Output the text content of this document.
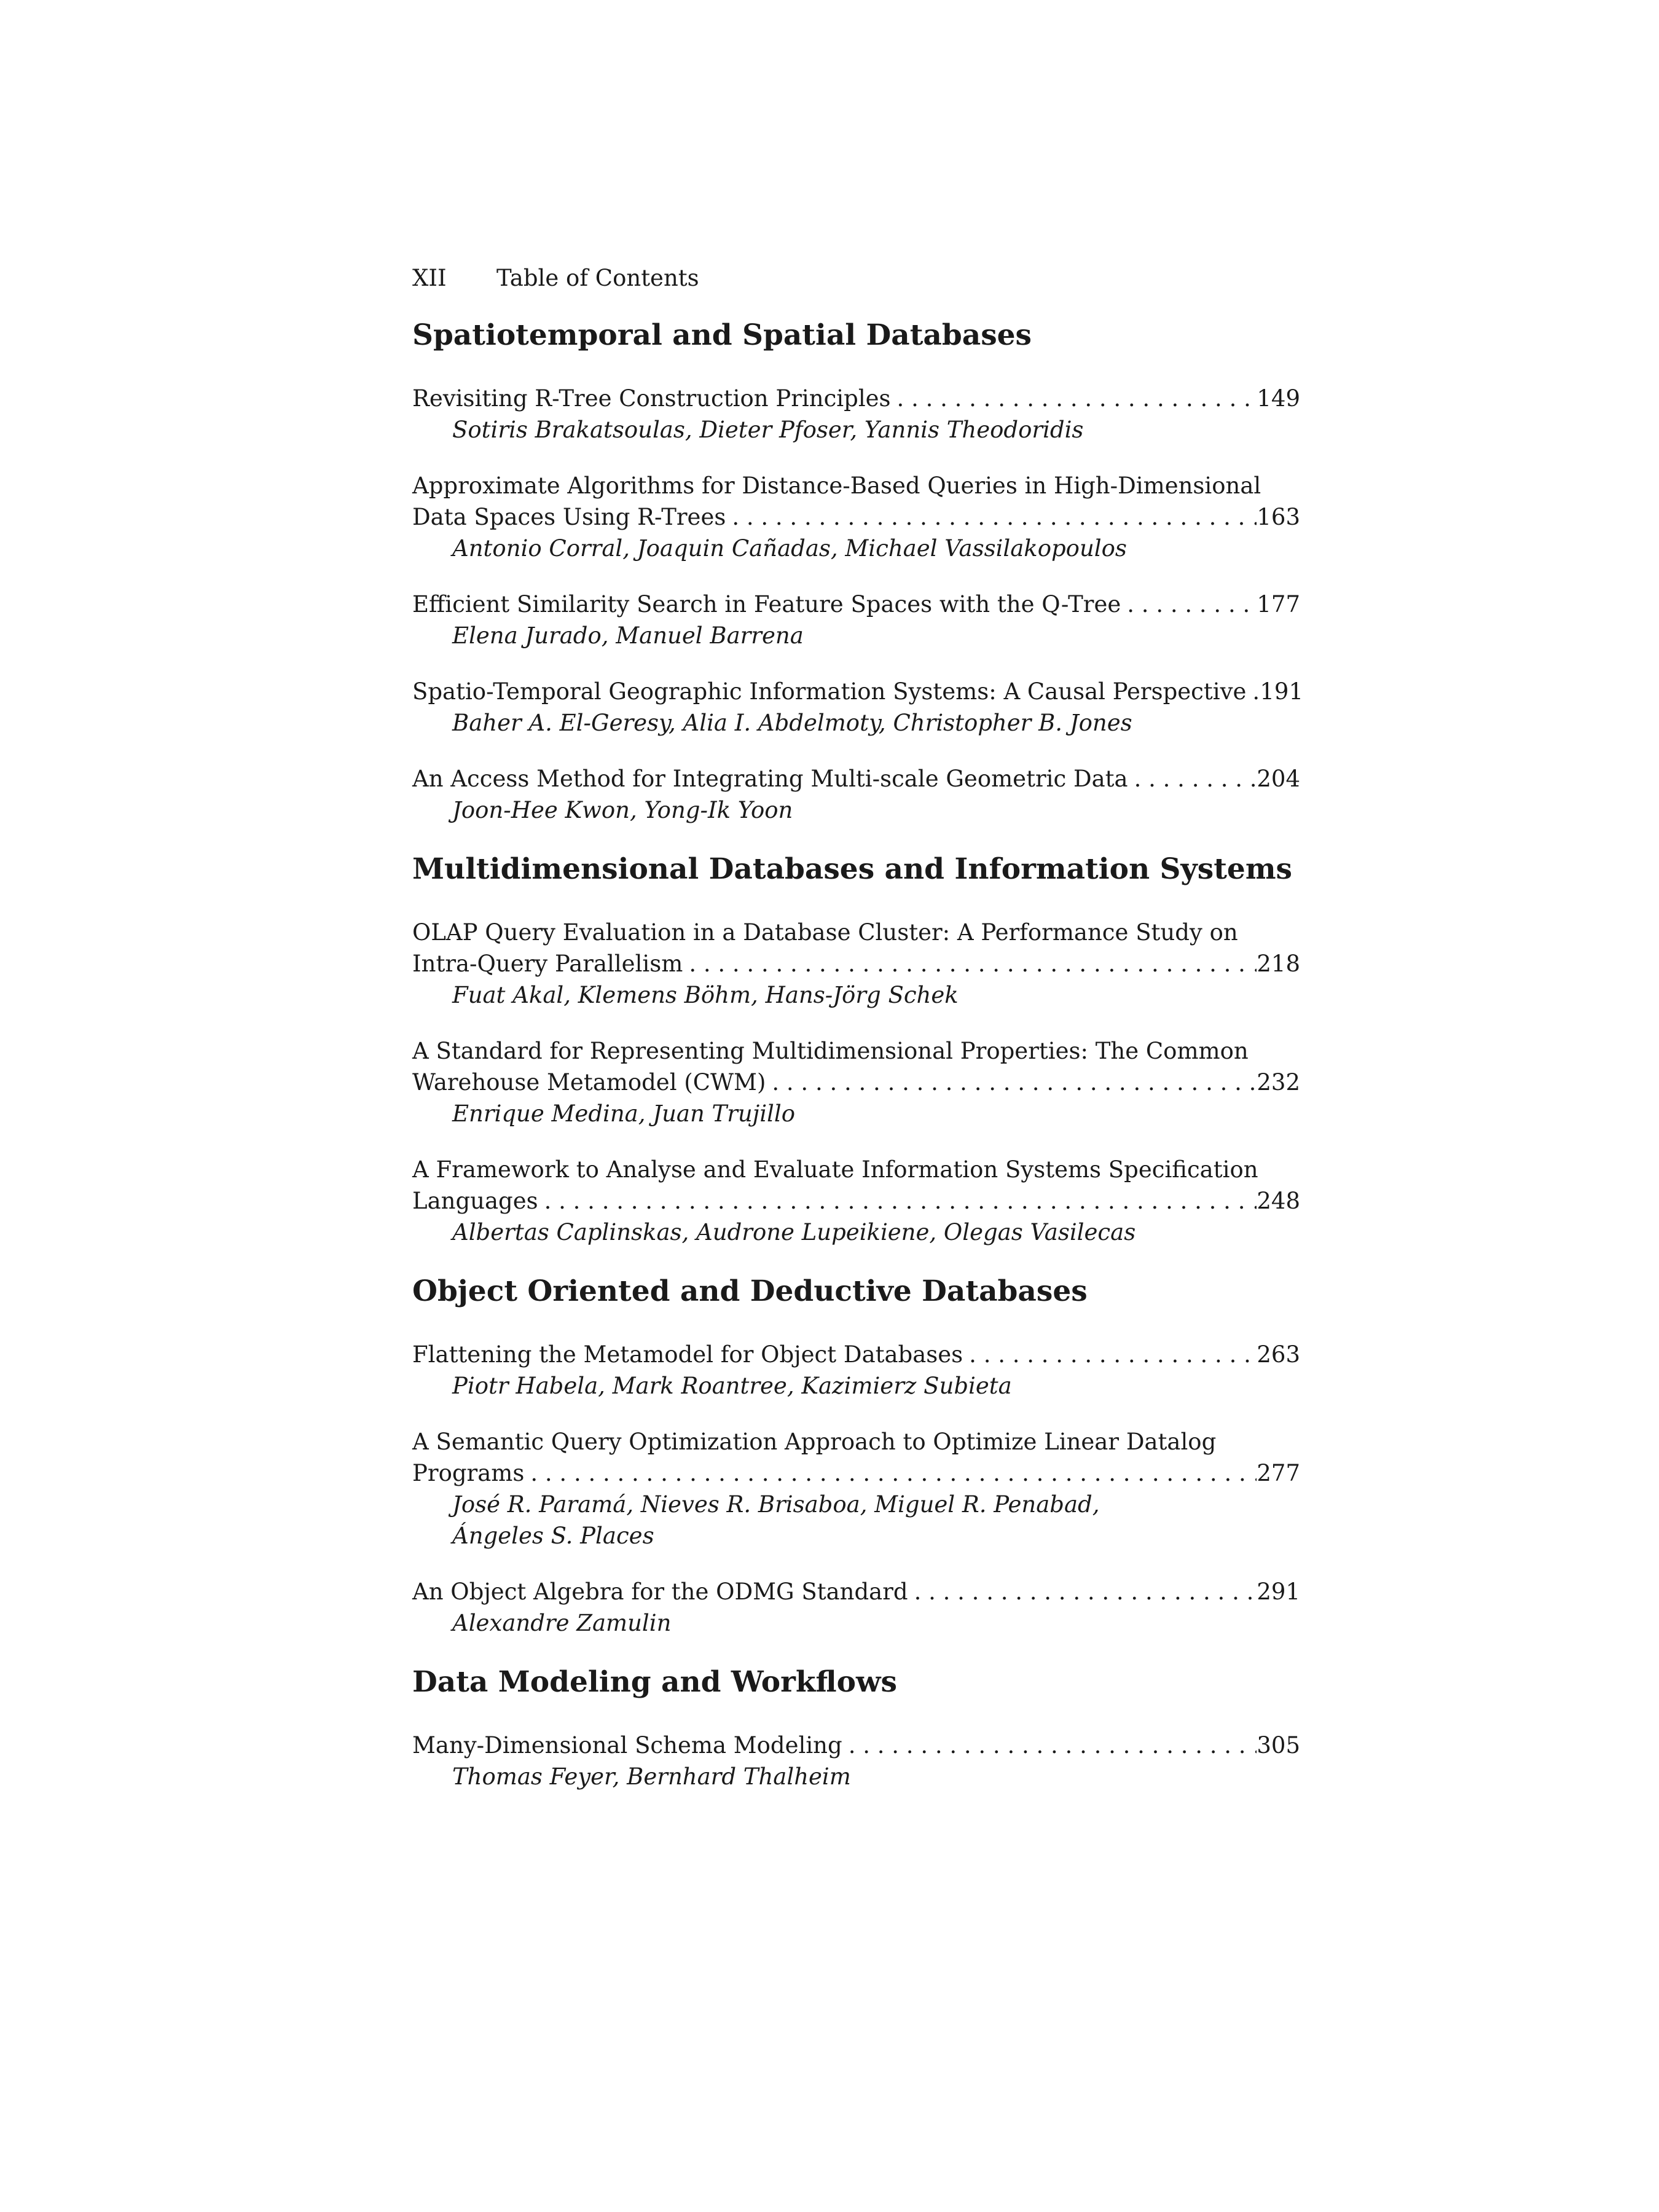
XII Table of Contents
Spatiotemporal and Spatial Databases
Revisiting R-Tree Construction Principles . . .	149
Sotiris Brakatsoulas, Dieter Pfoser, Yannis Theodoridis
Approximate Algorithms for Distance-Based Queries in High-Dimensional
Data Spaces Using R-Trees . . .	163
Antonio Corral, Joaquin Cañadas, Michael Vassilakopoulos
Efficient Similarity Search in Feature Spaces with the Q-Tree . . .	177
Elena Jurado, Manuel Barrena
Spatio-Temporal Geographic Information Systems: A Causal Perspective . . . 191
Baher A. El-Geresy, Alia I. Abdelmoty, Christopher B. Jones
An Access Method for Integrating Multi-scale Geometric Data . . .	204
Joon-Hee Kwon, Yong-Ik Yoon
Multidimensional Databases and Information Systems
OLAP Query Evaluation in a Database Cluster: A Performance Study on
Intra-Query Parallelism . . .	218
Fuat Akal, Klemens Böhm, Hans-Jörg Schek
A Standard for Representing Multidimensional Properties: The Common
Warehouse Metamodel (CWM) . . .	232
Enrique Medina, Juan Trujillo
A Framework to Analyse and Evaluate Information Systems Specification
Languages . . .	248
Albertas Caplinskas, Audrone Lupeikiene, Olegas Vasilecas
Object Oriented and Deductive Databases
Flattening the Metamodel for Object Databases . . .	263
Piotr Habela, Mark Roantree, Kazimierz Subieta
A Semantic Query Optimization Approach to Optimize Linear Datalog
Programs . . .	277
José R. Paramá, Nieves R. Brisaboa, Miguel R. Penabad,
Ángeles S. Places
An Object Algebra for the ODMG Standard . . .	291
Alexandre Zamulin
Data Modeling and Workflows
Many-Dimensional Schema Modeling . . .	305
Thomas Feyer, Bernhard Thalheim
